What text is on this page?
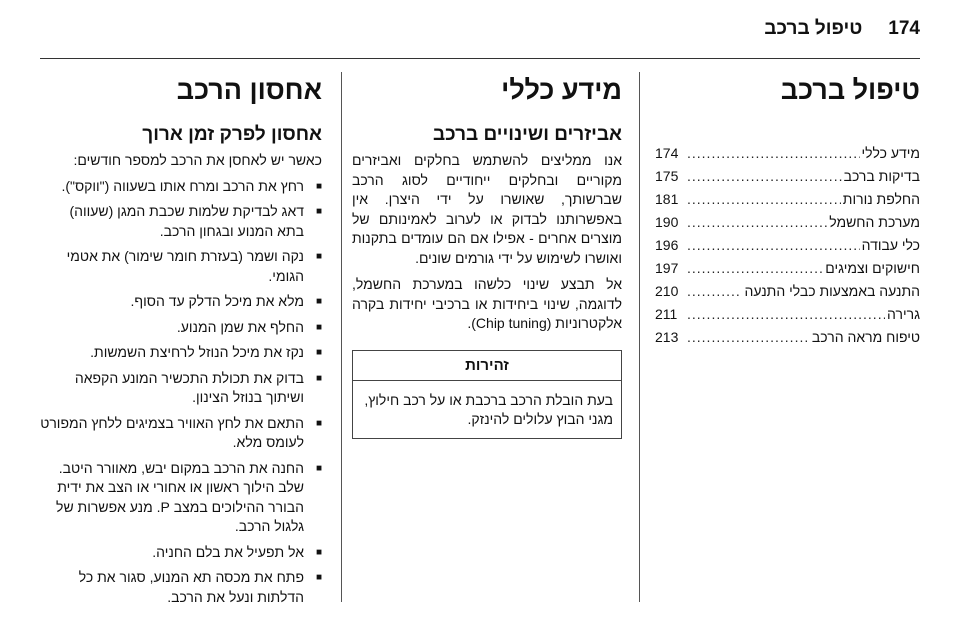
174
טיפול ברכב
טיפול ברכב
מידע כללי
.....
174
בדיקות ברכב
.....
175
החלפת נורות
.....
181
מערכת החשמל
.....
190
כלי עבודה
.....
196
חישוקים וצמיגים
.....
197
התנעה באמצעות כבלי התנעה
.....
210
גרירה
.....
211
טיפוח מראה הרכב
.....
213
מידע כללי
אביזרים ושינויים ברכב

אנו ממליצים להשתמש בחלקים ואביזרים מקוריים ובחלקים ייחודיים לסוג הרכב שברשותך, שאושרו על ידי היצרן. אין באפשרותנו לבדוק או לערוב לאמינותם של מוצרים אחרים - אפילו אם הם עומדים בתקנות ואושרו לשימוש על ידי גורמים שונים.

אל תבצע שינוי כלשהו במערכת החשמל, לדוגמה, שינוי ביחידות או ברכיבי יחידות בקרה אלקטרוניות (Chip tuning).

זהירות
בעת הובלת הרכב ברכבת או על רכב חילוץ, מגני הבוץ עלולים להינזק.
אחסון הרכב
אחסון לפרק זמן ארוך

כאשר יש לאחסן את הרכב למספר חודשים:

■ רחץ את הרכב ומרח אותו בשעווה ("ווקס").
■ דאג לבדיקת שלמות שכבת המגן (שעווה) בתא המנוע ובגחון הרכב.
■ נקה ושמר (בעזרת חומר שימור) את אטמי הגומי.
■ מלא את מיכל הדלק עד הסוף.
■ החלף את שמן המנוע.
■ נקז את מיכל הנוזל לרחיצת השמשות.
■ בדוק את תכולת התכשיר המונע הקפאה ושיתוך בנוזל הצינון.
■ התאם את לחץ האוויר בצמיגים ללחץ המפורט לעומס מלא.
■ החנה את הרכב במקום יבש, מאוורר היטב. שלב הילוך ראשון או אחורי או הצב את ידית הבורר ההילוכים במצב P. מנע אפשרות של גלגול הרכב.
■ אל תפעיל את בלם החניה.
■ פתח את מכסה תא המנוע, סגור את כל הדלתות ונעל את הרכב.
